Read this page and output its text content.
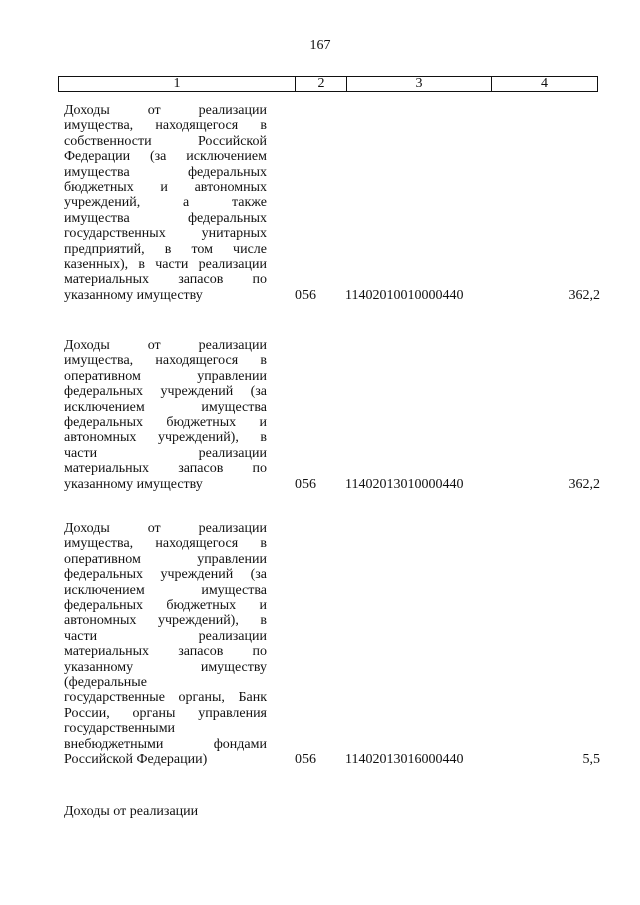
167
1	2	3	4
Доходы от реализации
имущества, находящегося в
собственности Российской
Федерации (за исключением
имущества федеральных
бюджетных и автономных
учреждений, а также
имущества федеральных
государственных унитарных
предприятий, в том числе
казенных), в части реализации
материальных запасов по
указанному имуществу	056 11402010010000440	362,2
Доходы от реализации
имущества, находящегося в
оперативном управлении
федеральных учреждений (за
исключением имущества
федеральных бюджетных и
автономных учреждений), в
части реализации
материальных запасов по
указанному имуществу	056 11402013010000440	362,2
Доходы от реализации
имущества, находящегося в
оперативном управлении
федеральных учреждений (за
исключением имущества
федеральных бюджетных и
автономных учреждений), в
части реализации
материальных запасов по
указанному имуществу
(федеральные
государственные органы, Банк
России, органы управления
государственными
внебюджетными фондами
Российской Федерации)	056 11402013016000440	5,5
Доходы от реализации
